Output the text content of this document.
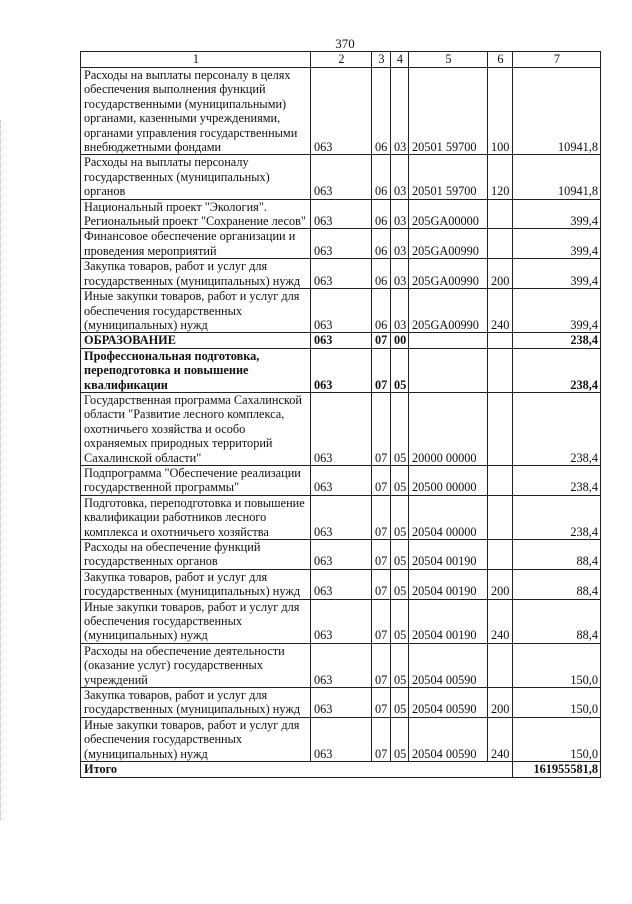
370
1	2	3	4	5	6	7
Расходы на выплаты персоналу в целях обеспечения выполнения функций государственными (муниципальными) органами, казенными учреждениями, органами управления государственными внебюджетными фондами	063	06	03	20501 59700	100	10941,8
Расходы на выплаты персоналу государственных (муниципальных) органов	063	06	03	20501 59700	120	10941,8
Национальный проект "Экология". Региональный проект "Сохранение лесов"	063	06	03	205GA00000		399,4
Финансовое обеспечение организации и проведения мероприятий	063	06	03	205GA00990		399,4
Закупка товаров, работ и услуг для государственных (муниципальных) нужд	063	06	03	205GA00990	200	399,4
Иные закупки товаров, работ и услуг для обеспечения государственных (муниципальных) нужд	063	06	03	205GA00990	240	399,4
ОБРАЗОВАНИЕ	063	07	00			238,4
Профессиональная подготовка, переподготовка и повышение квалификации	063	07	05			238,4
Государственная программа Сахалинской области "Развитие лесного комплекса, охотничьего хозяйства и особо охраняемых природных территорий Сахалинской области"	063	07	05	20000 00000		238,4
Подпрограмма "Обеспечение реализации государственной программы"	063	07	05	20500 00000		238,4
Подготовка, переподготовка и повышение квалификации работников лесного комплекса и охотничьего хозяйства	063	07	05	20504 00000		238,4
Расходы на обеспечение функций государственных органов	063	07	05	20504 00190		88,4
Закупка товаров, работ и услуг для государственных (муниципальных) нужд	063	07	05	20504 00190	200	88,4
Иные закупки товаров, работ и услуг для обеспечения государственных (муниципальных) нужд	063	07	05	20504 00190	240	88,4
Расходы на обеспечение деятельности (оказание услуг) государственных учреждений	063	07	05	20504 00590		150,0
Закупка товаров, работ и услуг для государственных (муниципальных) нужд	063	07	05	20504 00590	200	150,0
Иные закупки товаров, работ и услуг для обеспечения государственных (муниципальных) нужд	063	07	05	20504 00590	240	150,0
Итого						161955581,8
